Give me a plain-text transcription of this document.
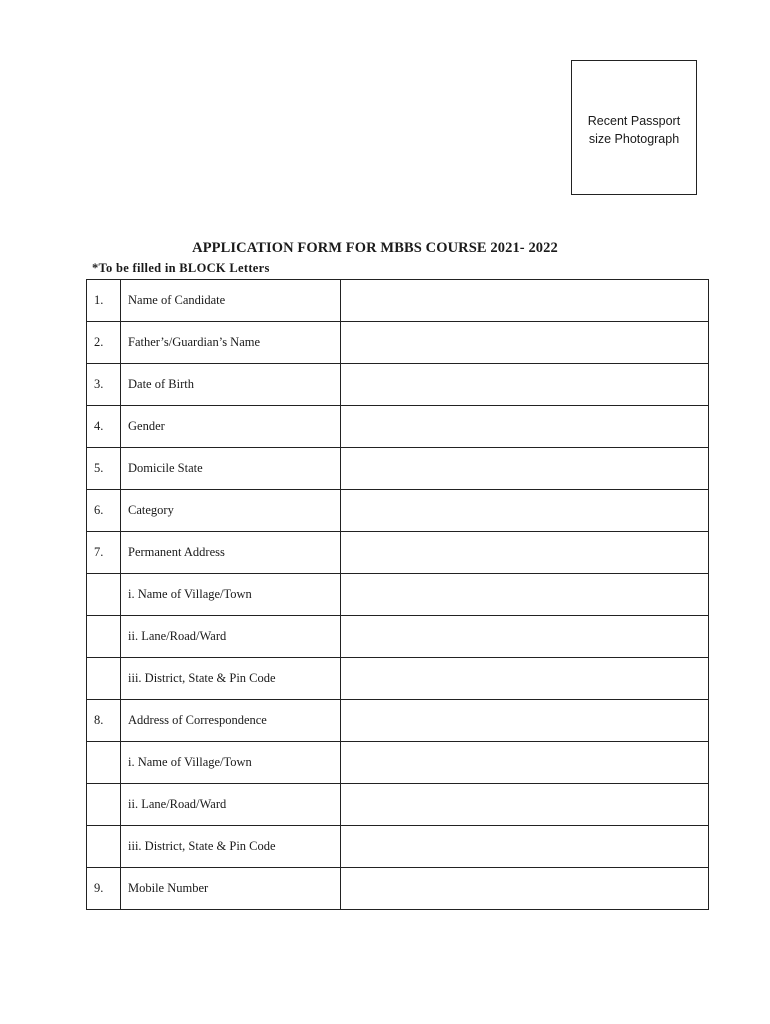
Recent Passport
size Photograph
APPLICATION FORM FOR MBBS COURSE 2021- 2022
*To be filled in BLOCK Letters
1.	Name of Candidate	
2.	Father’s/Guardian’s Name	
3.	Date of Birth	
4.	Gender	
5.	Domicile State	
6.	Category	
7.	Permanent Address	
	i. Name of Village/Town	
	ii. Lane/Road/Ward	
	iii. District, State & Pin Code	
8.	Address of Correspondence	
	i. Name of Village/Town	
	ii. Lane/Road/Ward	
	iii. District, State & Pin Code	
9.	Mobile Number	
